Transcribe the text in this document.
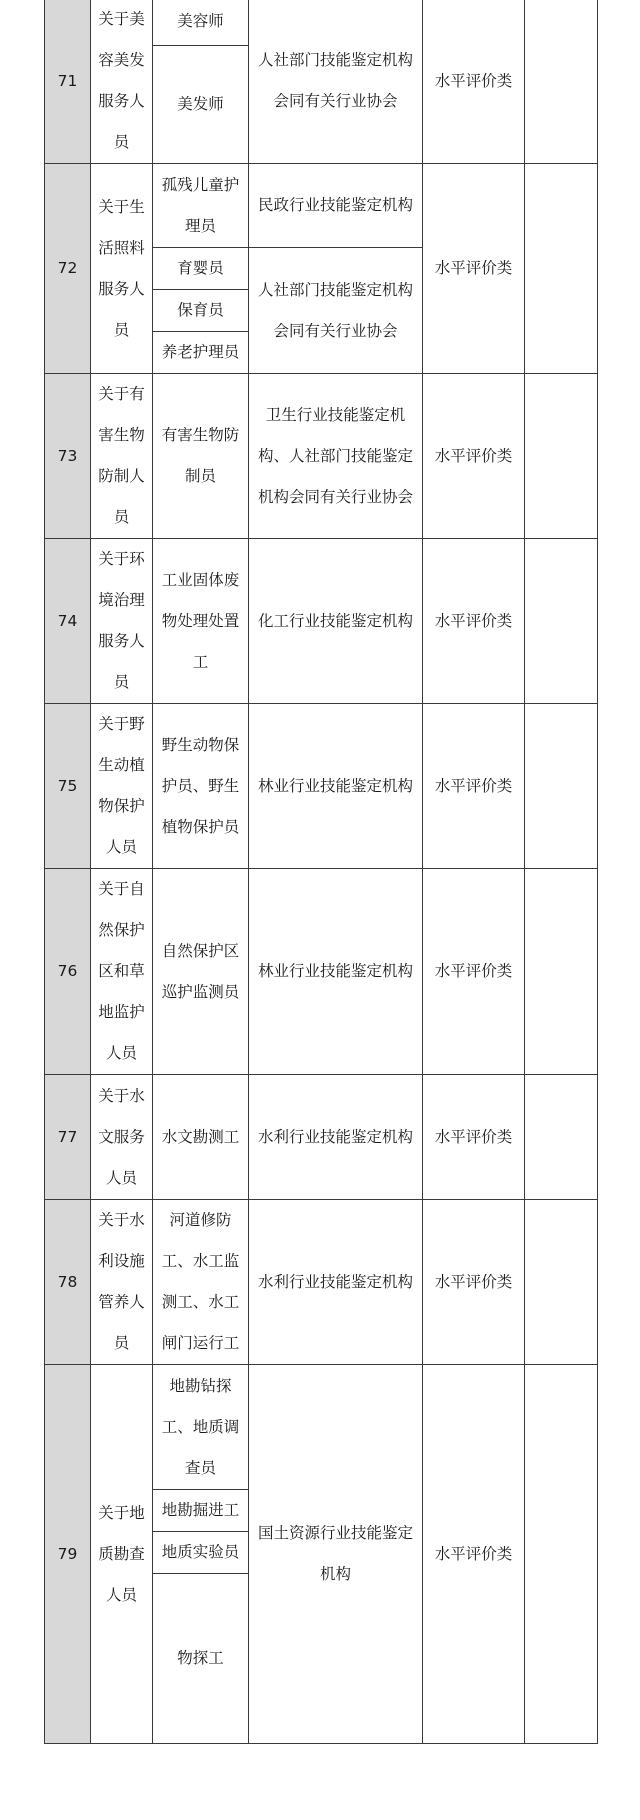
71	关于美容美发服务人员	美容师	人社部门技能鉴定机构会同有关行业协会	水平评价类	
		美发师			
72	关于生活照料服务人员	孤残儿童护理员	民政行业技能鉴定机构	水平评价类	
		育婴员	人社部门技能鉴定机构会同有关行业协会		
		保育员			
		养老护理员			
73	关于有害生物防制人员	有害生物防制员	卫生行业技能鉴定机构、人社部门技能鉴定机构会同有关行业协会	水平评价类	
74	关于环境治理服务人员	工业固体废物处理处置工	化工行业技能鉴定机构	水平评价类	
75	关于野生动植物保护人员	野生动物保护员、野生植物保护员	林业行业技能鉴定机构	水平评价类	
76	关于自然保护区和草地监护人员	自然保护区巡护监测员	林业行业技能鉴定机构	水平评价类	
77	关于水文服务人员	水文勘测工	水利行业技能鉴定机构	水平评价类	
78	关于水利设施管养人员	河道修防工、水工监测工、水工闸门运行工	水利行业技能鉴定机构	水平评价类	
79	关于地质勘查人员	地勘钻探工、地质调查员	国土资源行业技能鉴定机构	水平评价类	
		地勘掘进工			
		地质实验员			
		物探工			
